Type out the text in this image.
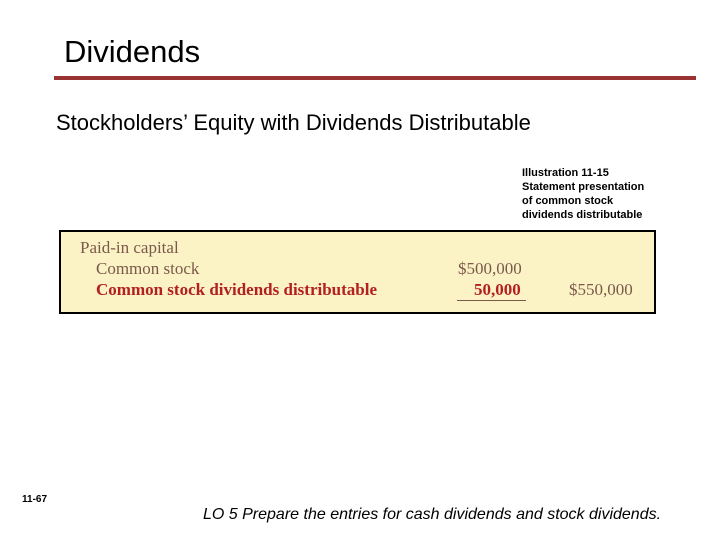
Dividends
Stockholders’ Equity with Dividends Distributable
Illustration 11-15
Statement presentation
of common stock
dividends distributable
Paid-in capital
Common stock
Common stock dividends distributable
$500,000
50,000	$550,000
11-67
LO 5 Prepare the entries for cash dividends and stock dividends.
